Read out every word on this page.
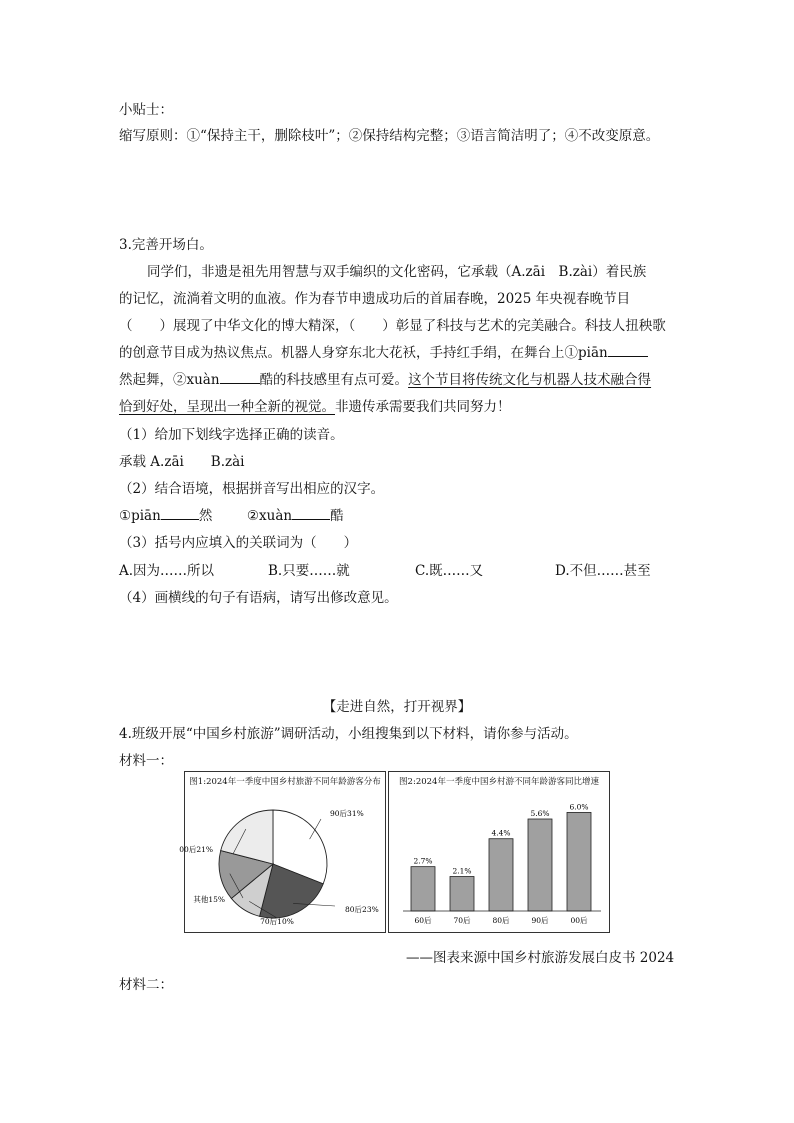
小贴士：
缩写原则：①“保持主干，删除枝叶”；②保持结构完整；③语言简洁明了；④不改变原意。
3.完善开场白。
同学们，非遗是祖先用智慧与双手编织的文化密码，它承载（A.zāi　B.zài）着民族
的记忆，流淌着文明的血液。作为春节申遗成功后的首届春晚，2025 年央视春晚节目
（　　）展现了中华文化的博大精深，（　　）彰显了科技与艺术的完美融合。科技人扭秧歌
的创意节目成为热议焦点。机器人身穿东北大花袄，手持红手绢，在舞台上①piān
然起舞，②xuàn	酷的科技感里有点可爱。这个节目将传统文化与机器人技术融合得
恰到好处，呈现出一种全新的视觉。非遗传承需要我们共同努力！
（1）给加下划线字选择正确的读音。
承载 A.zāi　　B.zài
（2）结合语境，根据拼音写出相应的汉字。
①piān	然	②xuàn	酷
（3）括号内应填入的关联词为（　　）
A.因为……所以	B.只要……就	C.既……又	D.不但……甚至
（4）画横线的句子有语病，请写出修改意见。
【走进自然，打开视界】
4.班级开展“中国乡村旅游”调研活动，小组搜集到以下材料，请你参与活动。
材料一：
图1:2024年一季度中国乡村旅游不同年龄游客分布
90后31%
80后23%
70后10%
其他15%
00后21%
图2:2024年一季度中国乡村游不同年龄游客同比增速
2.7%
60后
2.1%
70后
4.4%
80后
5.6%
90后
6.0%
00后
——图表来源中国乡村旅游发展白皮书 2024
材料二：
